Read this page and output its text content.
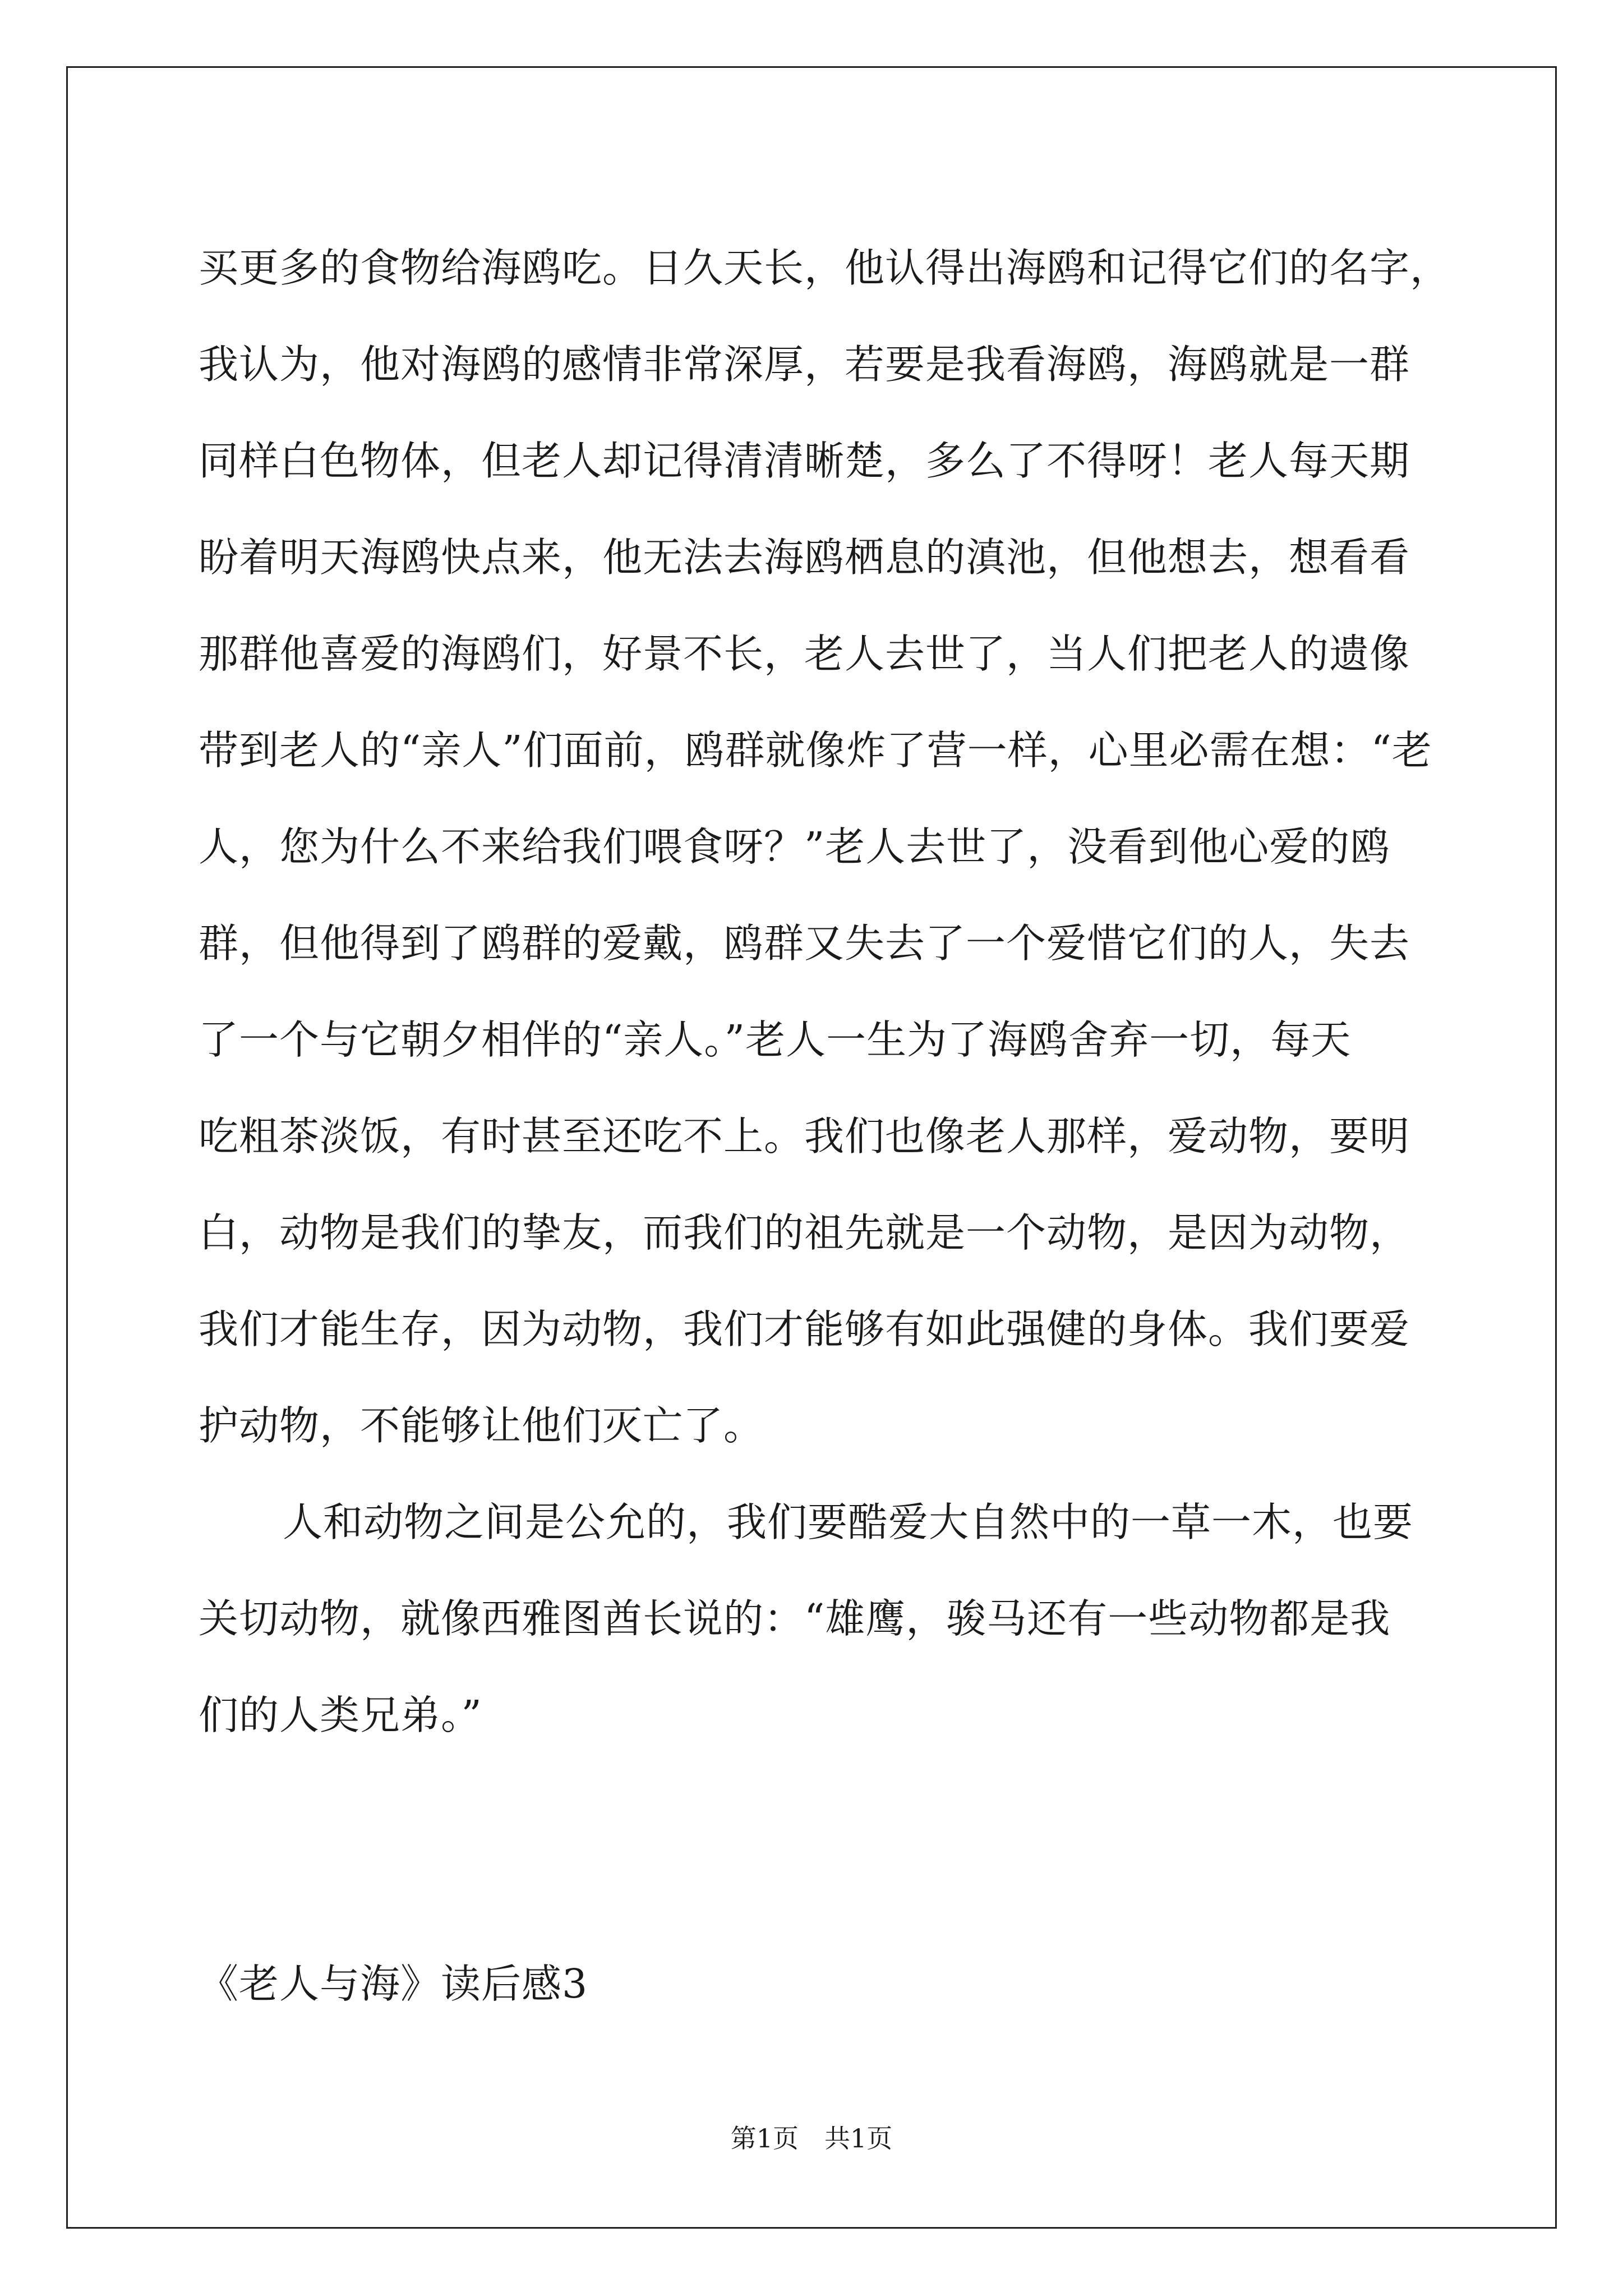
买更多的食物给海鸥吃。日久天长，他认得出海鸥和记得它们的名字，
我认为，他对海鸥的感情非常深厚，若要是我看海鸥，海鸥就是一群
同样白色物体，但老人却记得清清晰楚，多么了不得呀！老人每天期
盼着明天海鸥快点来，他无法去海鸥栖息的滇池，但他想去，想看看
那群他喜爱的海鸥们，好景不长，老人去世了，当人们把老人的遗像
带到老人的“亲人”们面前，鸥群就像炸了营一样，心里必需在想：“老
人，您为什么不来给我们喂食呀？”老人去世了，没看到他心爱的鸥
群，但他得到了鸥群的爱戴，鸥群又失去了一个爱惜它们的人，失去
了一个与它朝夕相伴的“亲人。”老人一生为了海鸥舍弃一切，每天
吃粗茶淡饭，有时甚至还吃不上。我们也像老人那样，爱动物，要明
白，动物是我们的挚友，而我们的祖先就是一个动物，是因为动物，
我们才能生存，因为动物，我们才能够有如此强健的身体。我们要爱
护动物，不能够让他们灭亡了。
人和动物之间是公允的，我们要酷爱大自然中的一草一木，也要
关切动物，就像西雅图酋长说的：“雄鹰，骏马还有一些动物都是我
们的人类兄弟。”
《老人与海》读后感3
第1页　共1页
